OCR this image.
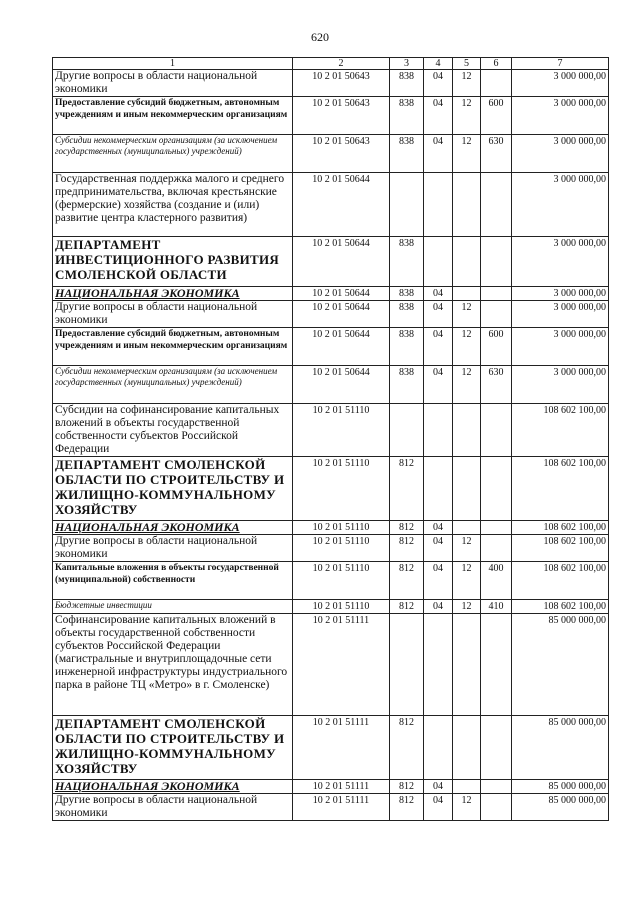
620
1	2	3	4	5	6	7
Другие вопросы в области национальной экономики	10 2 01 50643	838	04	12		3 000 000,00
Предоставление субсидий бюджетным, автономным учреждениям и иным некоммерческим организациям	10 2 01 50643	838	04	12	600	3 000 000,00
Субсидии некоммерческим организациям (за исключением государственных (муниципальных) учреждений)	10 2 01 50643	838	04	12	630	3 000 000,00
Государственная поддержка малого и среднего предпринимательства, включая крестьянские (фермерские) хозяйства (создание и (или) развитие центра кластерного развития)	10 2 01 50644					3 000 000,00
ДЕПАРТАМЕНТ ИНВЕСТИЦИОННОГО РАЗВИТИЯ СМОЛЕНСКОЙ ОБЛАСТИ	10 2 01 50644	838				3 000 000,00
НАЦИОНАЛЬНАЯ ЭКОНОМИКА	10 2 01 50644	838	04			3 000 000,00
Другие вопросы в области национальной экономики	10 2 01 50644	838	04	12		3 000 000,00
Предоставление субсидий бюджетным, автономным учреждениям и иным некоммерческим организациям	10 2 01 50644	838	04	12	600	3 000 000,00
Субсидии некоммерческим организациям (за исключением государственных (муниципальных) учреждений)	10 2 01 50644	838	04	12	630	3 000 000,00
Субсидии на софинансирование капитальных вложений в объекты государственной собственности субъектов Российской Федерации	10 2 01 51110					108 602 100,00
ДЕПАРТАМЕНТ СМОЛЕНСКОЙ ОБЛАСТИ ПО СТРОИТЕЛЬСТВУ И ЖИЛИЩНО-КОММУНАЛЬНОМУ ХОЗЯЙСТВУ	10 2 01 51110	812				108 602 100,00
НАЦИОНАЛЬНАЯ ЭКОНОМИКА	10 2 01 51110	812	04			108 602 100,00
Другие вопросы в области национальной экономики	10 2 01 51110	812	04	12		108 602 100,00
Капитальные вложения в объекты государственной (муниципальной) собственности	10 2 01 51110	812	04	12	400	108 602 100,00
Бюджетные инвестиции	10 2 01 51110	812	04	12	410	108 602 100,00
Софинансирование капитальных вложений в объекты государственной собственности субъектов Российской Федерации (магистральные и внутриплощадочные сети инженерной инфраструктуры индустриального парка в районе ТЦ «Метро» в г. Смоленске)	10 2 01 51111					85 000 000,00
ДЕПАРТАМЕНТ СМОЛЕНСКОЙ ОБЛАСТИ ПО СТРОИТЕЛЬСТВУ И ЖИЛИЩНО-КОММУНАЛЬНОМУ ХОЗЯЙСТВУ	10 2 01 51111	812				85 000 000,00
НАЦИОНАЛЬНАЯ ЭКОНОМИКА	10 2 01 51111	812	04			85 000 000,00
Другие вопросы в области национальной экономики	10 2 01 51111	812	04	12		85 000 000,00
